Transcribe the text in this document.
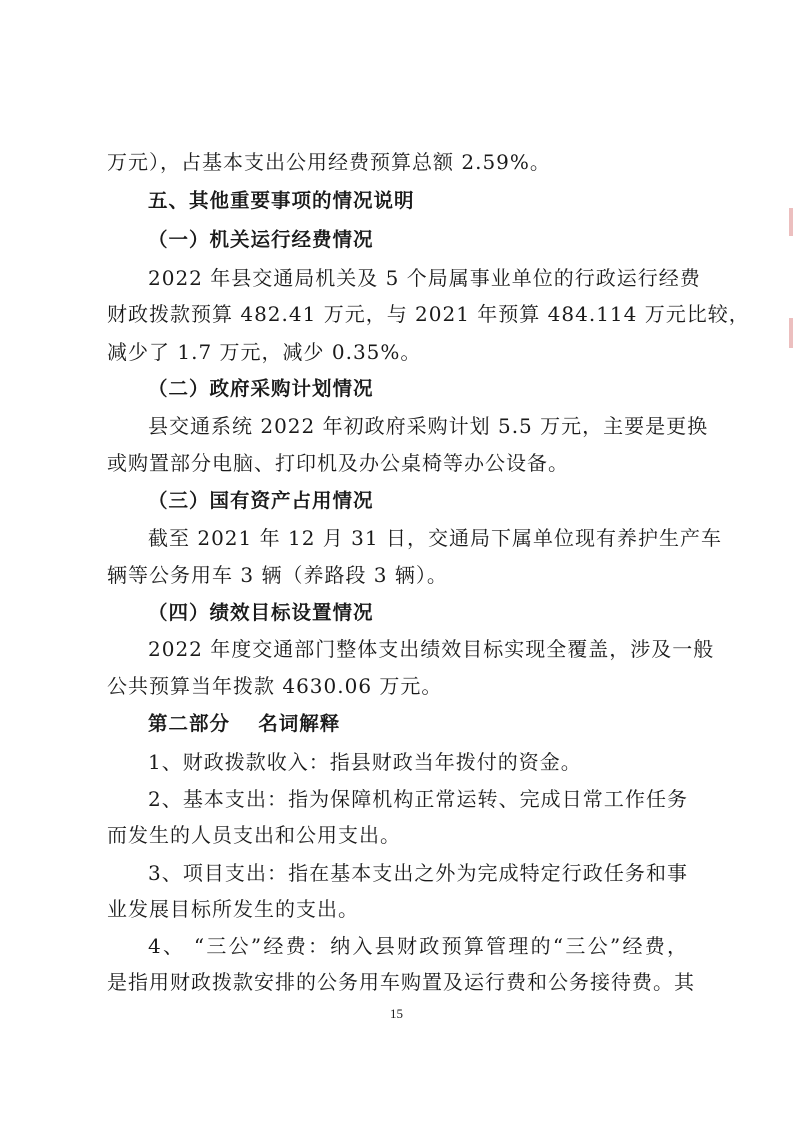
万元），占基本支出公用经费预算总额 2.59%。
五、其他重要事项的情况说明
（一）机关运行经费情况
2022 年县交通局机关及 5 个局属事业单位的行政运行经费
财政拨款预算 482.41 万元，与 2021 年预算 484.114 万元比较，
减少了 1.7 万元，减少 0.35%。
（二）政府采购计划情况
县交通系统 2022 年初政府采购计划 5.5 万元，主要是更换
或购置部分电脑、打印机及办公桌椅等办公设备。
（三）国有资产占用情况
截至 2021 年 12 月 31 日，交通局下属单位现有养护生产车
辆等公务用车 3 辆（养路段 3 辆）。
（四）绩效目标设置情况
2022 年度交通部门整体支出绩效目标实现全覆盖，涉及一般
公共预算当年拨款 4630.06 万元。
第二部分　 名词解释
1、财政拨款收入：指县财政当年拨付的资金。
2、基本支出：指为保障机构正常运转、完成日常工作任务
而发生的人员支出和公用支出。
3、项目支出：指在基本支出之外为完成特定行政任务和事
业发展目标所发生的支出。
4、 “三公”经费：纳入县财政预算管理的“三公”经费，
是指用财政拨款安排的公务用车购置及运行费和公务接待费。其
15
